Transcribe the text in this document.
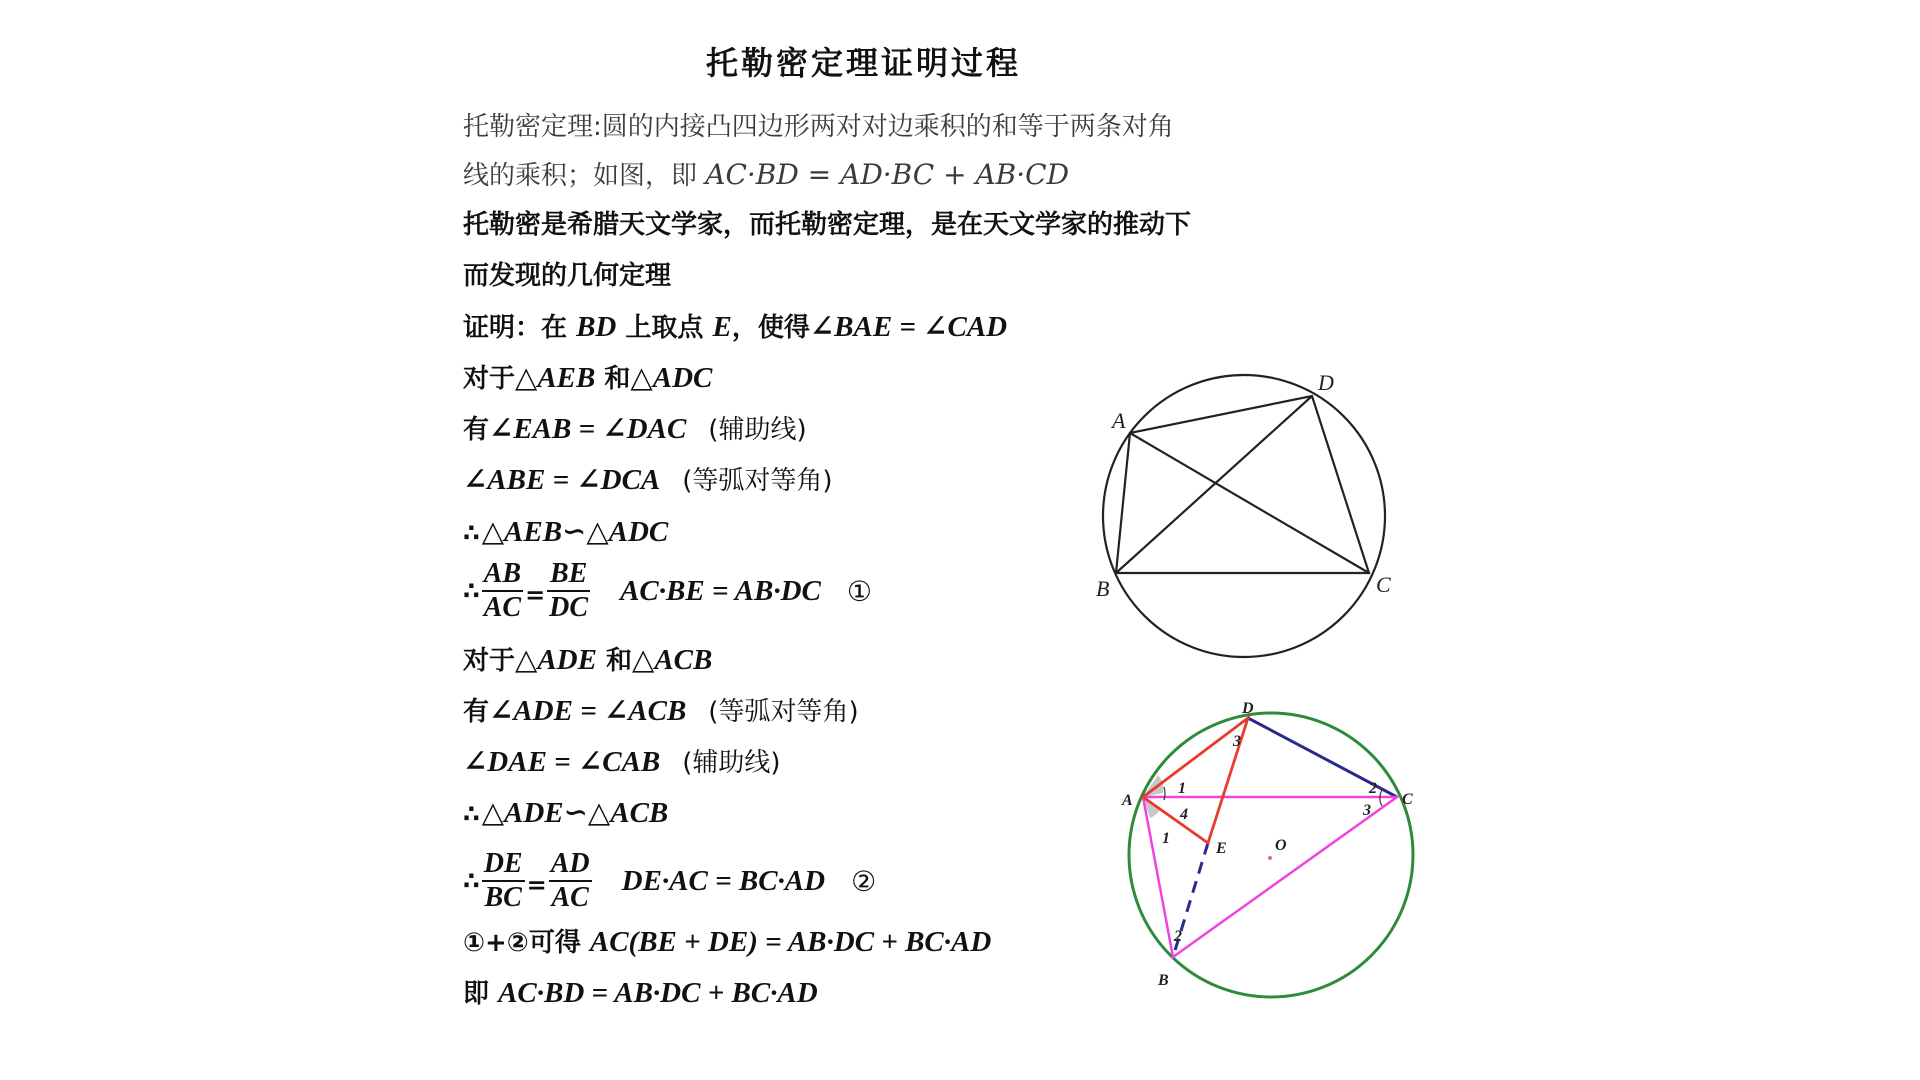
托勒密定理证明过程
托勒密定理:圆的内接凸四边形两对对边乘积的和等于两条对角
线的乘积；如图，即 AC·BD = AD·BC + AB·CD
托勒密是希腊天文学家，而托勒密定理，是在天文学家的推动下
而发现的几何定理
证明：在 BD 上取点 E，使得∠BAE = ∠CAD
对于△AEB 和△ADC
有∠EAB = ∠DAC (辅助线)
∠ABE = ∠DCA (等弧对等角)
∴△AEB∽△ADC
∴ $\frac{AB}{AC} = \frac{BE}{DC} AC\cdot BE = AB\cdot DC$ ①
对于△ADE 和△ACB
有∠ADE = ∠ACB (等弧对等角)
∠DAE = ∠CAB (辅助线)
∴△ADE∽△ACB
∴ $\frac{DE}{BC} = \frac{AD}{AC} DE\cdot AC = BC\cdot AD$ ②
①+②可得 AC(BE + DE) = AB·DC + BC·AD
即 AC·BD = AB·DC + BC·AD
A
D
B	C
D
A	C
E
B
O
1
4
1
3
2
3
2
